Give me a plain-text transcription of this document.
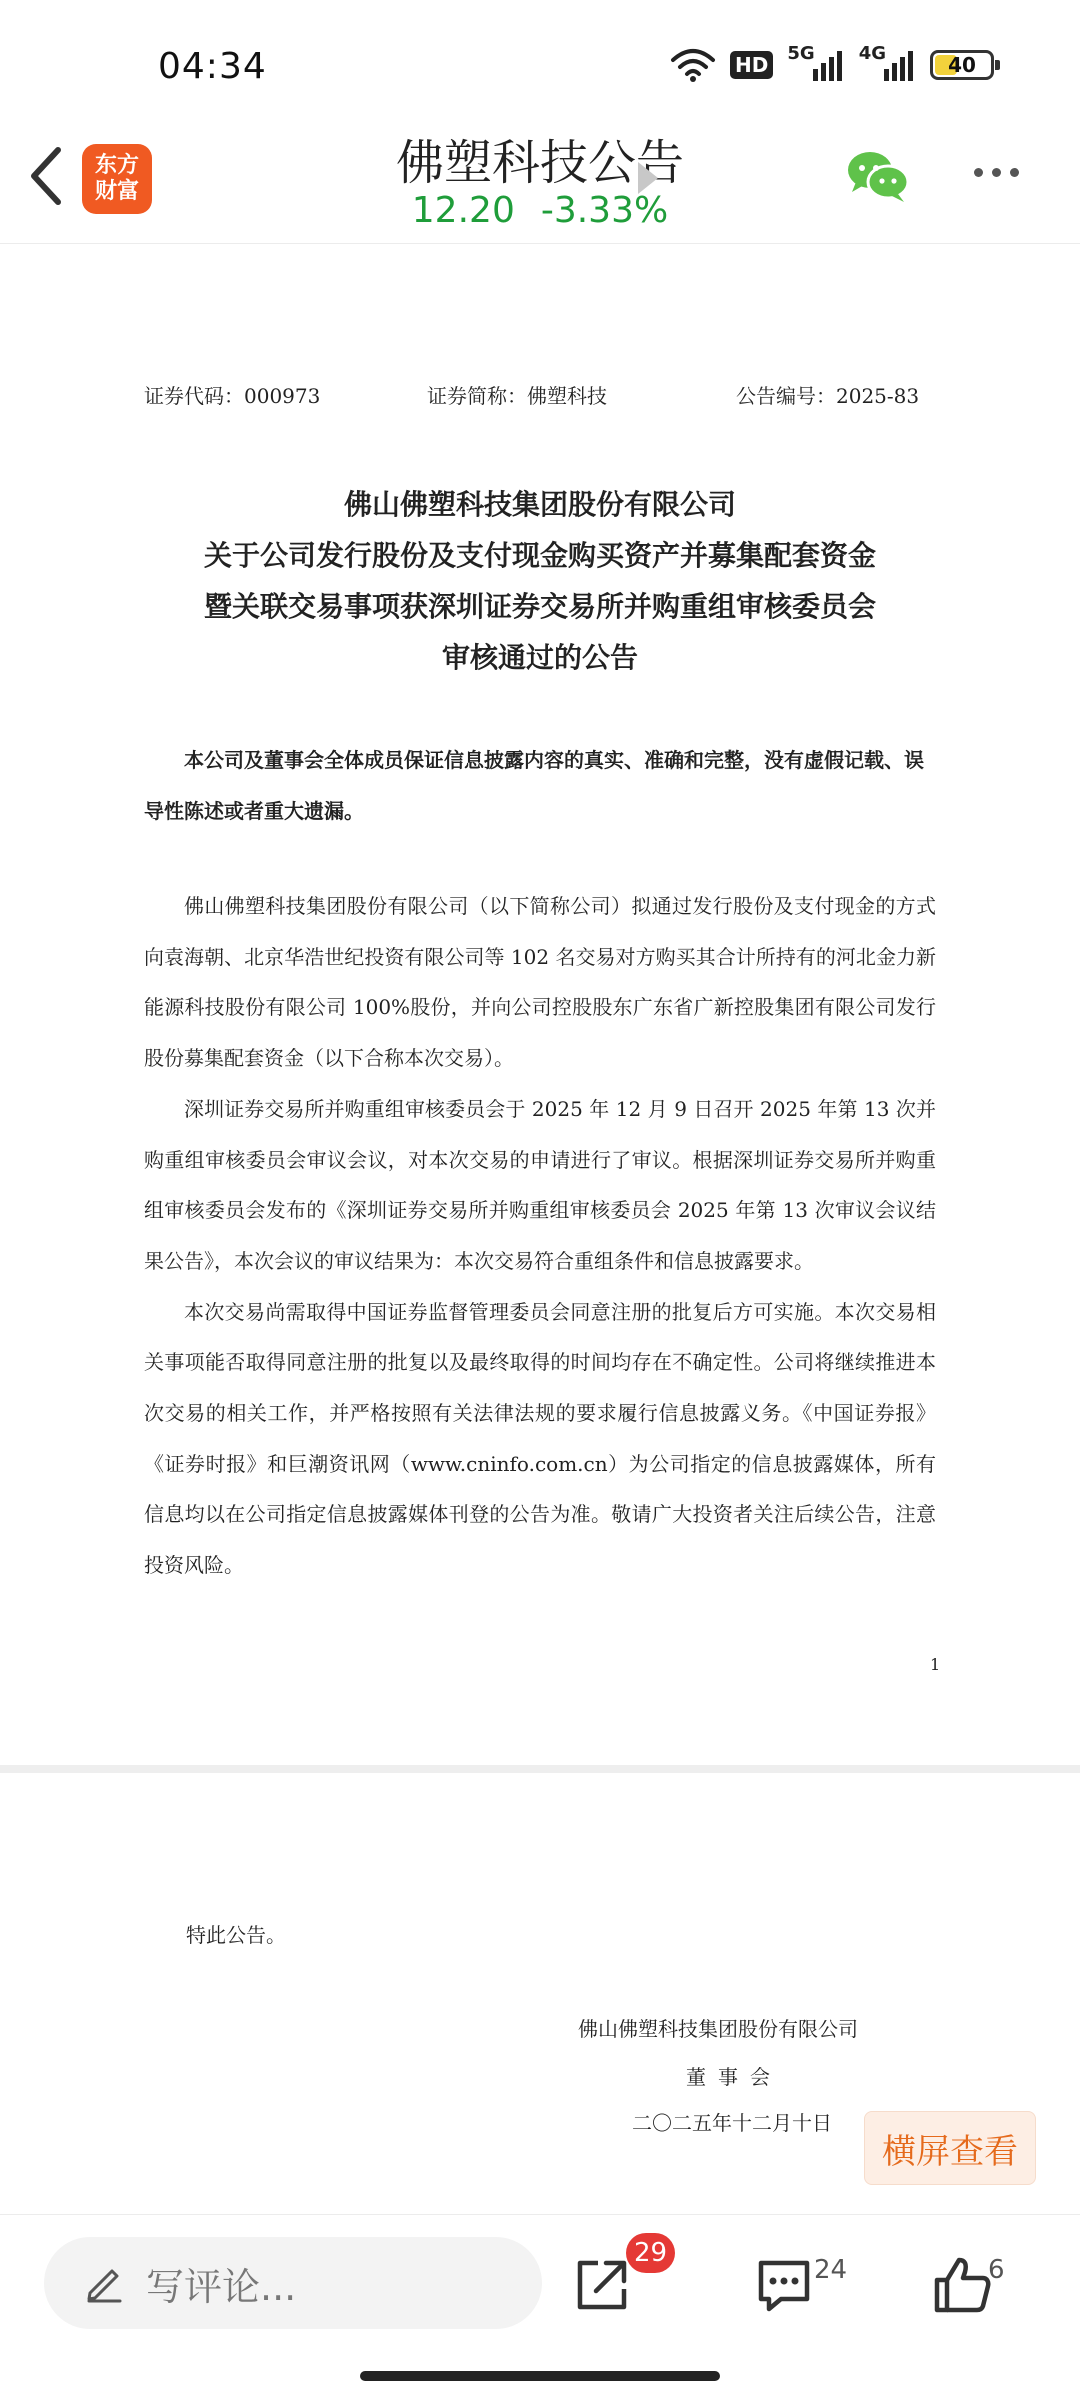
04:34	HD 5G 4G	40
东方
财富
佛塑科技公告
12.20 -3.33%
证券代码：000973	证券简称：佛塑科技	公告编号：2025-83
佛山佛塑科技集团股份有限公司
关于公司发行股份及支付现金购买资产并募集配套资金
暨关联交易事项获深圳证券交易所并购重组审核委员会
审核通过的公告
本公司及董事会全体成员保证信息披露内容的真实、准确和完整，没有虚假记载、误导性陈述或者重大遗漏。

佛山佛塑科技集团股份有限公司（以下简称公司）拟通过发行股份及支付现金的方式向袁海朝、北京华浩世纪投资有限公司等 102 名交易对方购买其合计所持有的河北金力新能源科技股份有限公司 100%股份，并向公司控股股东广东省广新控股集团有限公司发行股份募集配套资金（以下合称本次交易）。

深圳证券交易所并购重组审核委员会于 2025 年 12 月 9 日召开 2025 年第 13 次并购重组审核委员会审议会议，对本次交易的申请进行了审议。根据深圳证券交易所并购重组审核委员会发布的《深圳证券交易所并购重组审核委员会 2025 年第 13 次审议会议结果公告》，本次会议的审议结果为：本次交易符合重组条件和信息披露要求。

本次交易尚需取得中国证券监督管理委员会同意注册的批复后方可实施。本次交易相关事项能否取得同意注册的批复以及最终取得的时间均存在不确定性。公司将继续推进本次交易的相关工作，并严格按照有关法律法规的要求履行信息披露义务。《中国证券报》《证券时报》和巨潮资讯网（www.cninfo.com.cn）为公司指定的信息披露媒体，所有信息均以在公司指定信息披露媒体刊登的公告为准。敬请广大投资者关注后续公告，注意投资风险。

1
特此公告。
佛山佛塑科技集团股份有限公司
董事会
二〇二五年十二月十日
横屏查看
写评论...
29
24	6
